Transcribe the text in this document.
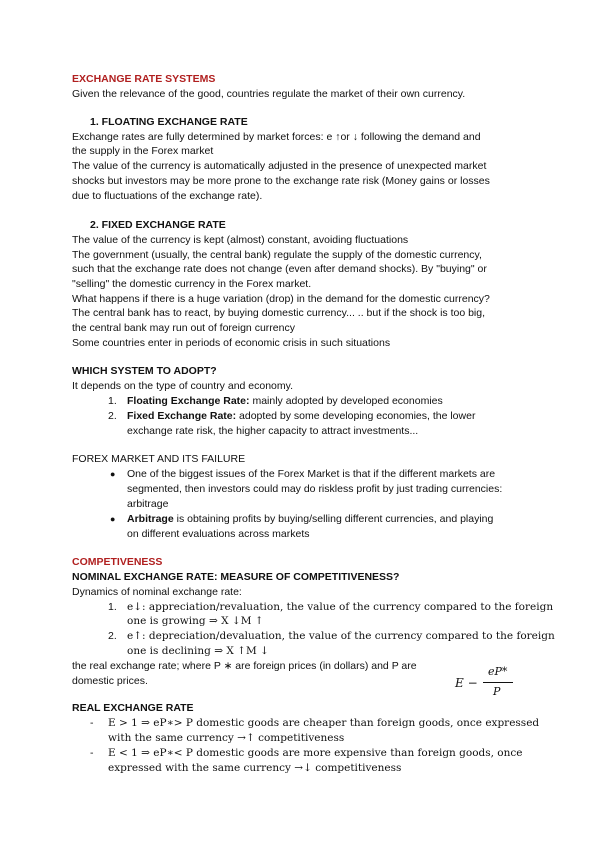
EXCHANGE RATE SYSTEMS
Given the relevance of the good, countries regulate the market of their own currency.
1. FLOATING EXCHANGE RATE
Exchange rates are fully determined by market forces: e ↑or ↓ following the demand and
the supply in the Forex market
The value of the currency is automatically adjusted in the presence of unexpected market
shocks but investors may be more prone to the exchange rate risk (Money gains or losses
due to fluctuations of the exchange rate).
2. FIXED EXCHANGE RATE
The value of the currency is kept (almost) constant, avoiding fluctuations
The government (usually, the central bank) regulate the supply of the domestic currency,
such that the exchange rate does not change (even after demand shocks). By "buying" or
"selling" the domestic currency in the Forex market.
What happens if there is a huge variation (drop) in the demand for the domestic currency?
The central bank has to react, by buying domestic currency... .. but if the shock is too big,
the central bank may run out of foreign currency
Some countries enter in periods of economic crisis in such situations
WHICH SYSTEM TO ADOPT?
It depends on the type of country and economy.
1. Floating Exchange Rate: mainly adopted by developed economies
2. Fixed Exchange Rate: adopted by some developing economies, the lower
exchange rate risk, the higher capacity to attract investments...
FOREX MARKET AND ITS FAILURE
● One of the biggest issues of the Forex Market is that if the different markets are
segmented, then investors could may do riskless profit by just trading currencies:
arbitrage
● Arbitrage is obtaining profits by buying/selling different currencies, and playing
on different evaluations across markets
COMPETIVENESS
NOMINAL EXCHANGE RATE: MEASURE OF COMPETITIVENESS?
Dynamics of nominal exchange rate:
1. e↓: appreciation/revaluation, the value of the currency compared to the foreign
one is growing ⇒ X ↓M ↑
2. e↑: depreciation/devaluation, the value of the currency compared to the foreign
one is declining ⇒ X ↑M ↓
the real exchange rate; where P ∗ are foreign prices (in dollars) and P are
domestic prices.	E −
eP*
P
REAL EXCHANGE RATE
- E > 1 ⇒ eP∗> P domestic goods are cheaper than foreign goods, once expressed
with the same currency →↑ competitiveness
- E < 1 ⇒ eP∗< P domestic goods are more expensive than foreign goods, once
expressed with the same currency →↓ competitiveness
